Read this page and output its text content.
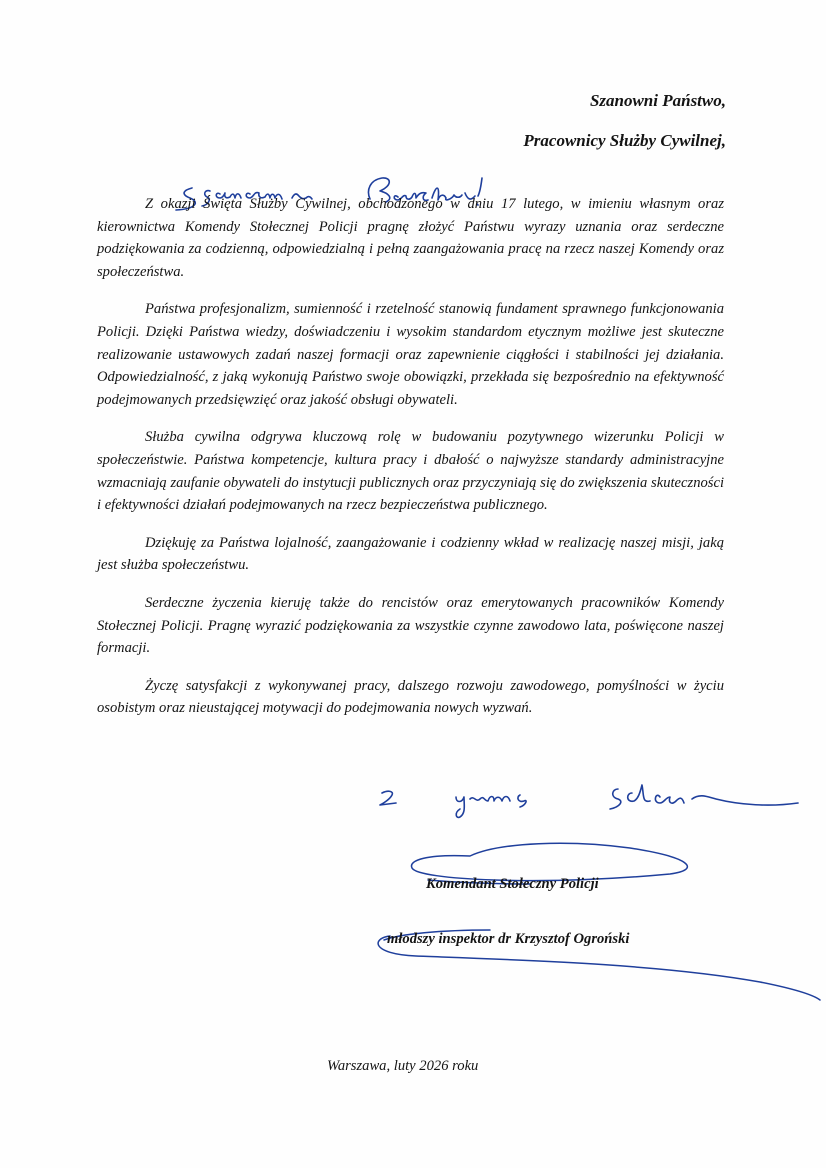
Szanowni Państwo,
Pracownicy Służby Cywilnej,

Z okazji Święta Służby Cywilnej, obchodzonego w dniu 17 lutego, w imieniu własnym oraz kierownictwa Komendy Stołecznej Policji pragnę złożyć Państwu wyrazy uznania oraz serdeczne podziękowania za codzienną, odpowiedzialną i pełną zaangażowania pracę na rzecz naszej Komendy oraz społeczeństwa.

Państwa profesjonalizm, sumienność i rzetelność stanowią fundament sprawnego funkcjonowania Policji. Dzięki Państwa wiedzy, doświadczeniu i wysokim standardom etycznym możliwe jest skuteczne realizowanie ustawowych zadań naszej formacji oraz zapewnienie ciągłości i stabilności jej działania. Odpowiedzialność, z jaką wykonują Państwo swoje obowiązki, przekłada się bezpośrednio na efektywność podejmowanych przedsięwzięć oraz jakość obsługi obywateli.

Służba cywilna odgrywa kluczową rolę w budowaniu pozytywnego wizerunku Policji w społeczeństwie. Państwa kompetencje, kultura pracy i dbałość o najwyższe standardy administracyjne wzmacniają zaufanie obywateli do instytucji publicznych oraz przyczyniają się do zwiększenia skuteczności i efektywności działań podejmowanych na rzecz bezpieczeństwa publicznego.

Dziękuję za Państwa lojalność, zaangażowanie i codzienny wkład w realizację naszej misji, jaką jest służba społeczeństwu.

Serdeczne życzenia kieruję także do rencistów oraz emerytowanych pracowników Komendy Stołecznej Policji. Pragnę wyrazić podziękowania za wszystkie czynne zawodowo lata, poświęcone naszej formacji.

Życzę satysfakcji z wykonywanej pracy, dalszego rozwoju zawodowego, pomyślności w życiu osobistym oraz nieustającej motywacji do podejmowania nowych wyzwań.

Komendant Stołeczny Policji
młodszy inspektor dr Krzysztof Ogroński
Warszawa, luty 2026 roku
